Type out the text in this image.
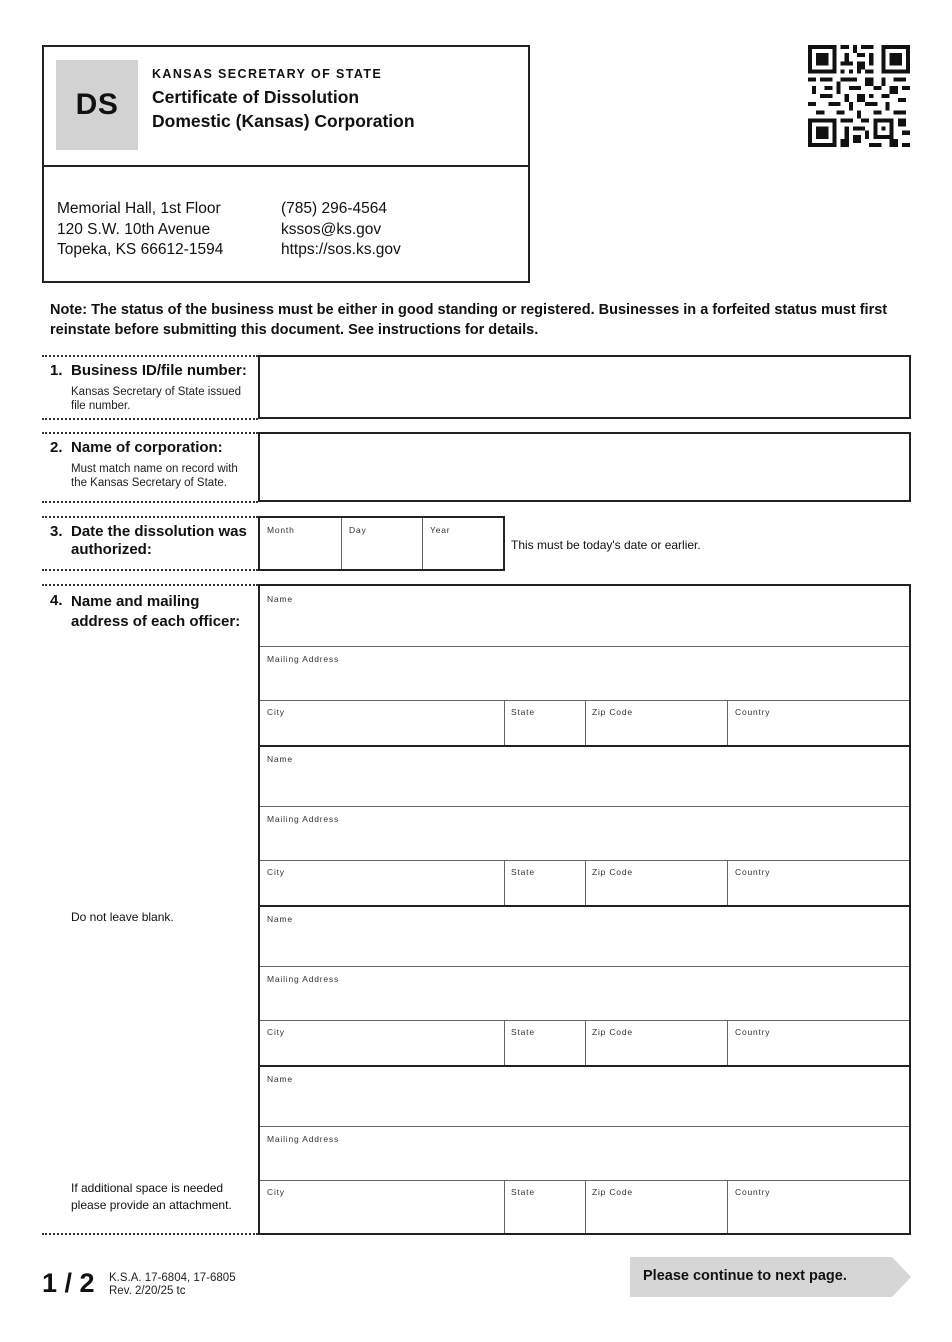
DS
KANSAS SECRETARY OF STATE
Certificate of Dissolution
Domestic (Kansas) Corporation
Memorial Hall, 1st Floor
120 S.W. 10th Avenue
Topeka, KS 66612-1594
(785) 296-4564
kssos@ks.gov
https://sos.ks.gov
Note: The status of the business must be either in good standing or registered. Businesses in a forfeited status must first reinstate before submitting this document. See instructions for details.
1. Business ID/file number:
Kansas Secretary of State issued file number.
2. Name of corporation:
Must match name on record with the Kansas Secretary of State.
3. Date the dissolution was authorized:
Month	Day	Year
This must be today's date or earlier.
4. Name and mailing address of each officer:
Do not leave blank.
If additional space is needed please provide an attachment.
Name
Mailing Address
City	State	Zip Code	Country
Name
Mailing Address
City	State	Zip Code	Country
Name
Mailing Address
City	State	Zip Code	Country
Name
Mailing Address
City	State	Zip Code	Country
1 / 2 K.S.A. 17-6804, 17-6805
Rev. 2/20/25 tc
Please continue to next page.
